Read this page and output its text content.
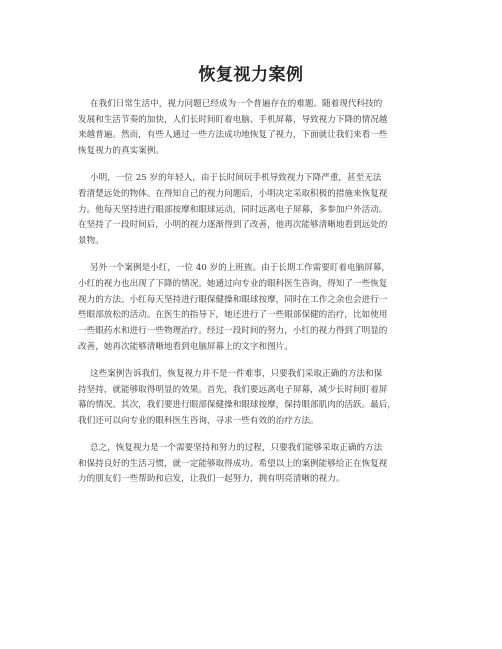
恢复视力案例
在我们日常生活中，视力问题已经成为一个普遍存在的难题。随着现代科技的
发展和生活节奏的加快，人们长时间盯着电脑、手机屏幕，导致视力下降的情况越
来越普遍。然而，有些人通过一些方法成功地恢复了视力，下面就让我们来看一些
恢复视力的真实案例。
小明，一位 25 岁的年轻人，由于长时间玩手机导致视力下降严重，甚至无法
看清楚远处的物体。在得知自己的视力问题后，小明决定采取积极的措施来恢复视
力。他每天坚持进行眼部按摩和眼球运动，同时远离电子屏幕，多参加户外活动。
在坚持了一段时间后，小明的视力逐渐得到了改善，他再次能够清晰地看到远处的
景物。
另外一个案例是小红，一位 40 岁的上班族。由于长期工作需要盯着电脑屏幕，
小红的视力也出现了下降的情况。她通过向专业的眼科医生咨询，得知了一些恢复
视力的方法。小红每天坚持进行眼保健操和眼球按摩，同时在工作之余也会进行一
些眼部放松的活动。在医生的指导下，她还进行了一些眼部保健的治疗，比如使用
一些眼药水和进行一些物理治疗。经过一段时间的努力，小红的视力得到了明显的
改善，她再次能够清晰地看到电脑屏幕上的文字和图片。
这些案例告诉我们，恢复视力并不是一件难事，只要我们采取正确的方法和保
持坚持，就能够取得明显的效果。首先，我们要远离电子屏幕，减少长时间盯着屏
幕的情况。其次，我们要进行眼部保健操和眼球按摩，保持眼部肌肉的活跃。最后，
我们还可以向专业的眼科医生咨询，寻求一些有效的治疗方法。
总之，恢复视力是一个需要坚持和努力的过程，只要我们能够采取正确的方法
和保持良好的生活习惯，就一定能够取得成功。希望以上的案例能够给正在恢复视
力的朋友们一些帮助和启发，让我们一起努力，拥有明亮清晰的视力。
